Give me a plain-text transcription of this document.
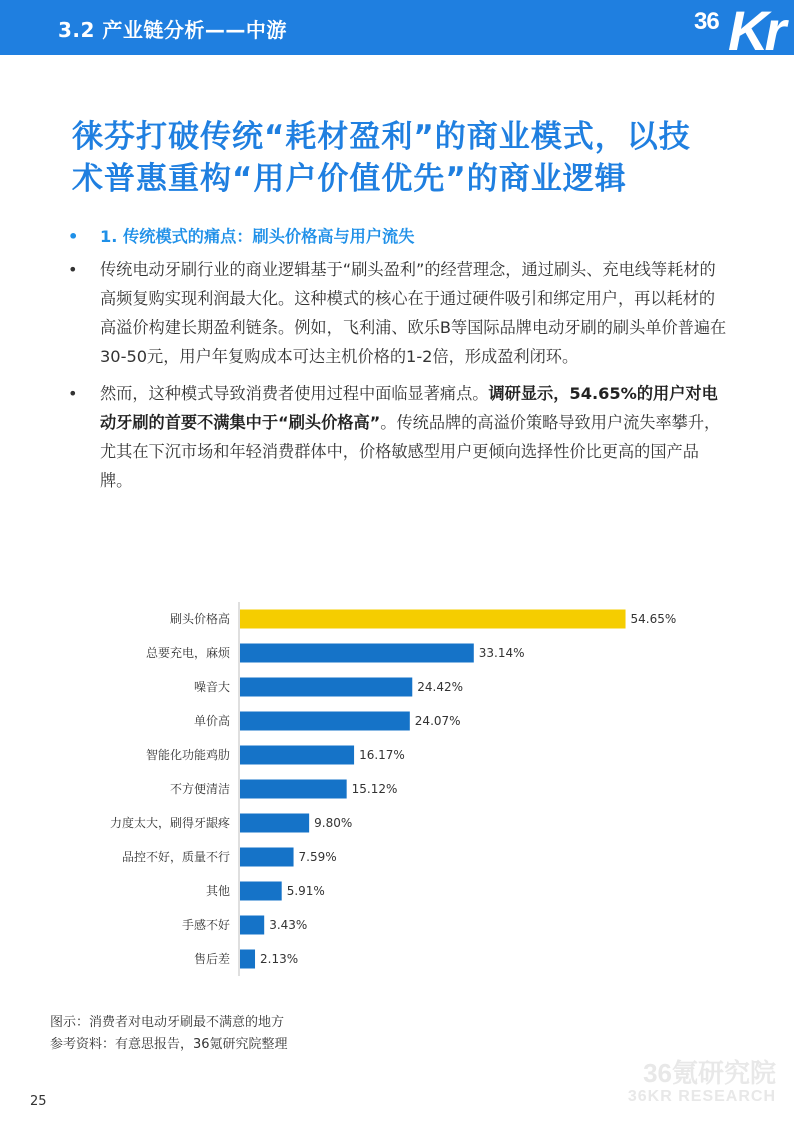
3.2 产业链分析——中游	36 Kr
徕芬打破传统“耗材盈利”的商业模式，以技
术普惠重构“用户价值优先”的商业逻辑
• 1. 传统模式的痛点：刷头价格高与用户流失
• 传统电动牙刷行业的商业逻辑基于“刷头盈利”的经营理念，通过刷头、充电线等耗材的高频复购实现利润最大化。这种模式的核心在于通过硬件吸引和绑定用户，再以耗材的高溢价构建长期盈利链条。例如，飞利浦、欧乐B等国际品牌电动牙刷的刷头单价普遍在30-50元，用户年复购成本可达主机价格的1-2倍，形成盈利闭环。
• 然而，这种模式导致消费者使用过程中面临显著痛点。调研显示，54.65%的用户对电动牙刷的首要不满集中于“刷头价格高”。传统品牌的高溢价策略导致用户流失率攀升，尤其在下沉市场和年轻消费群体中，价格敏感型用户更倾向选择性价比更高的国产品牌。
刷头价格高	54.65%
总要充电，麻烦	33.14%
噪音大	24.42%
单价高	24.07%
智能化功能鸡肋	16.17%
不方便清洁	15.12%
力度太大，刷得牙龈疼	9.80%
品控不好，质量不行	7.59%
其他	5.91%
手感不好	3.43%
售后差	2.13%
图示：消费者对电动牙刷最不满意的地方
参考资料：有意思报告，36氪研究院整理
36氪研究院
36KR RESEARCH
25
